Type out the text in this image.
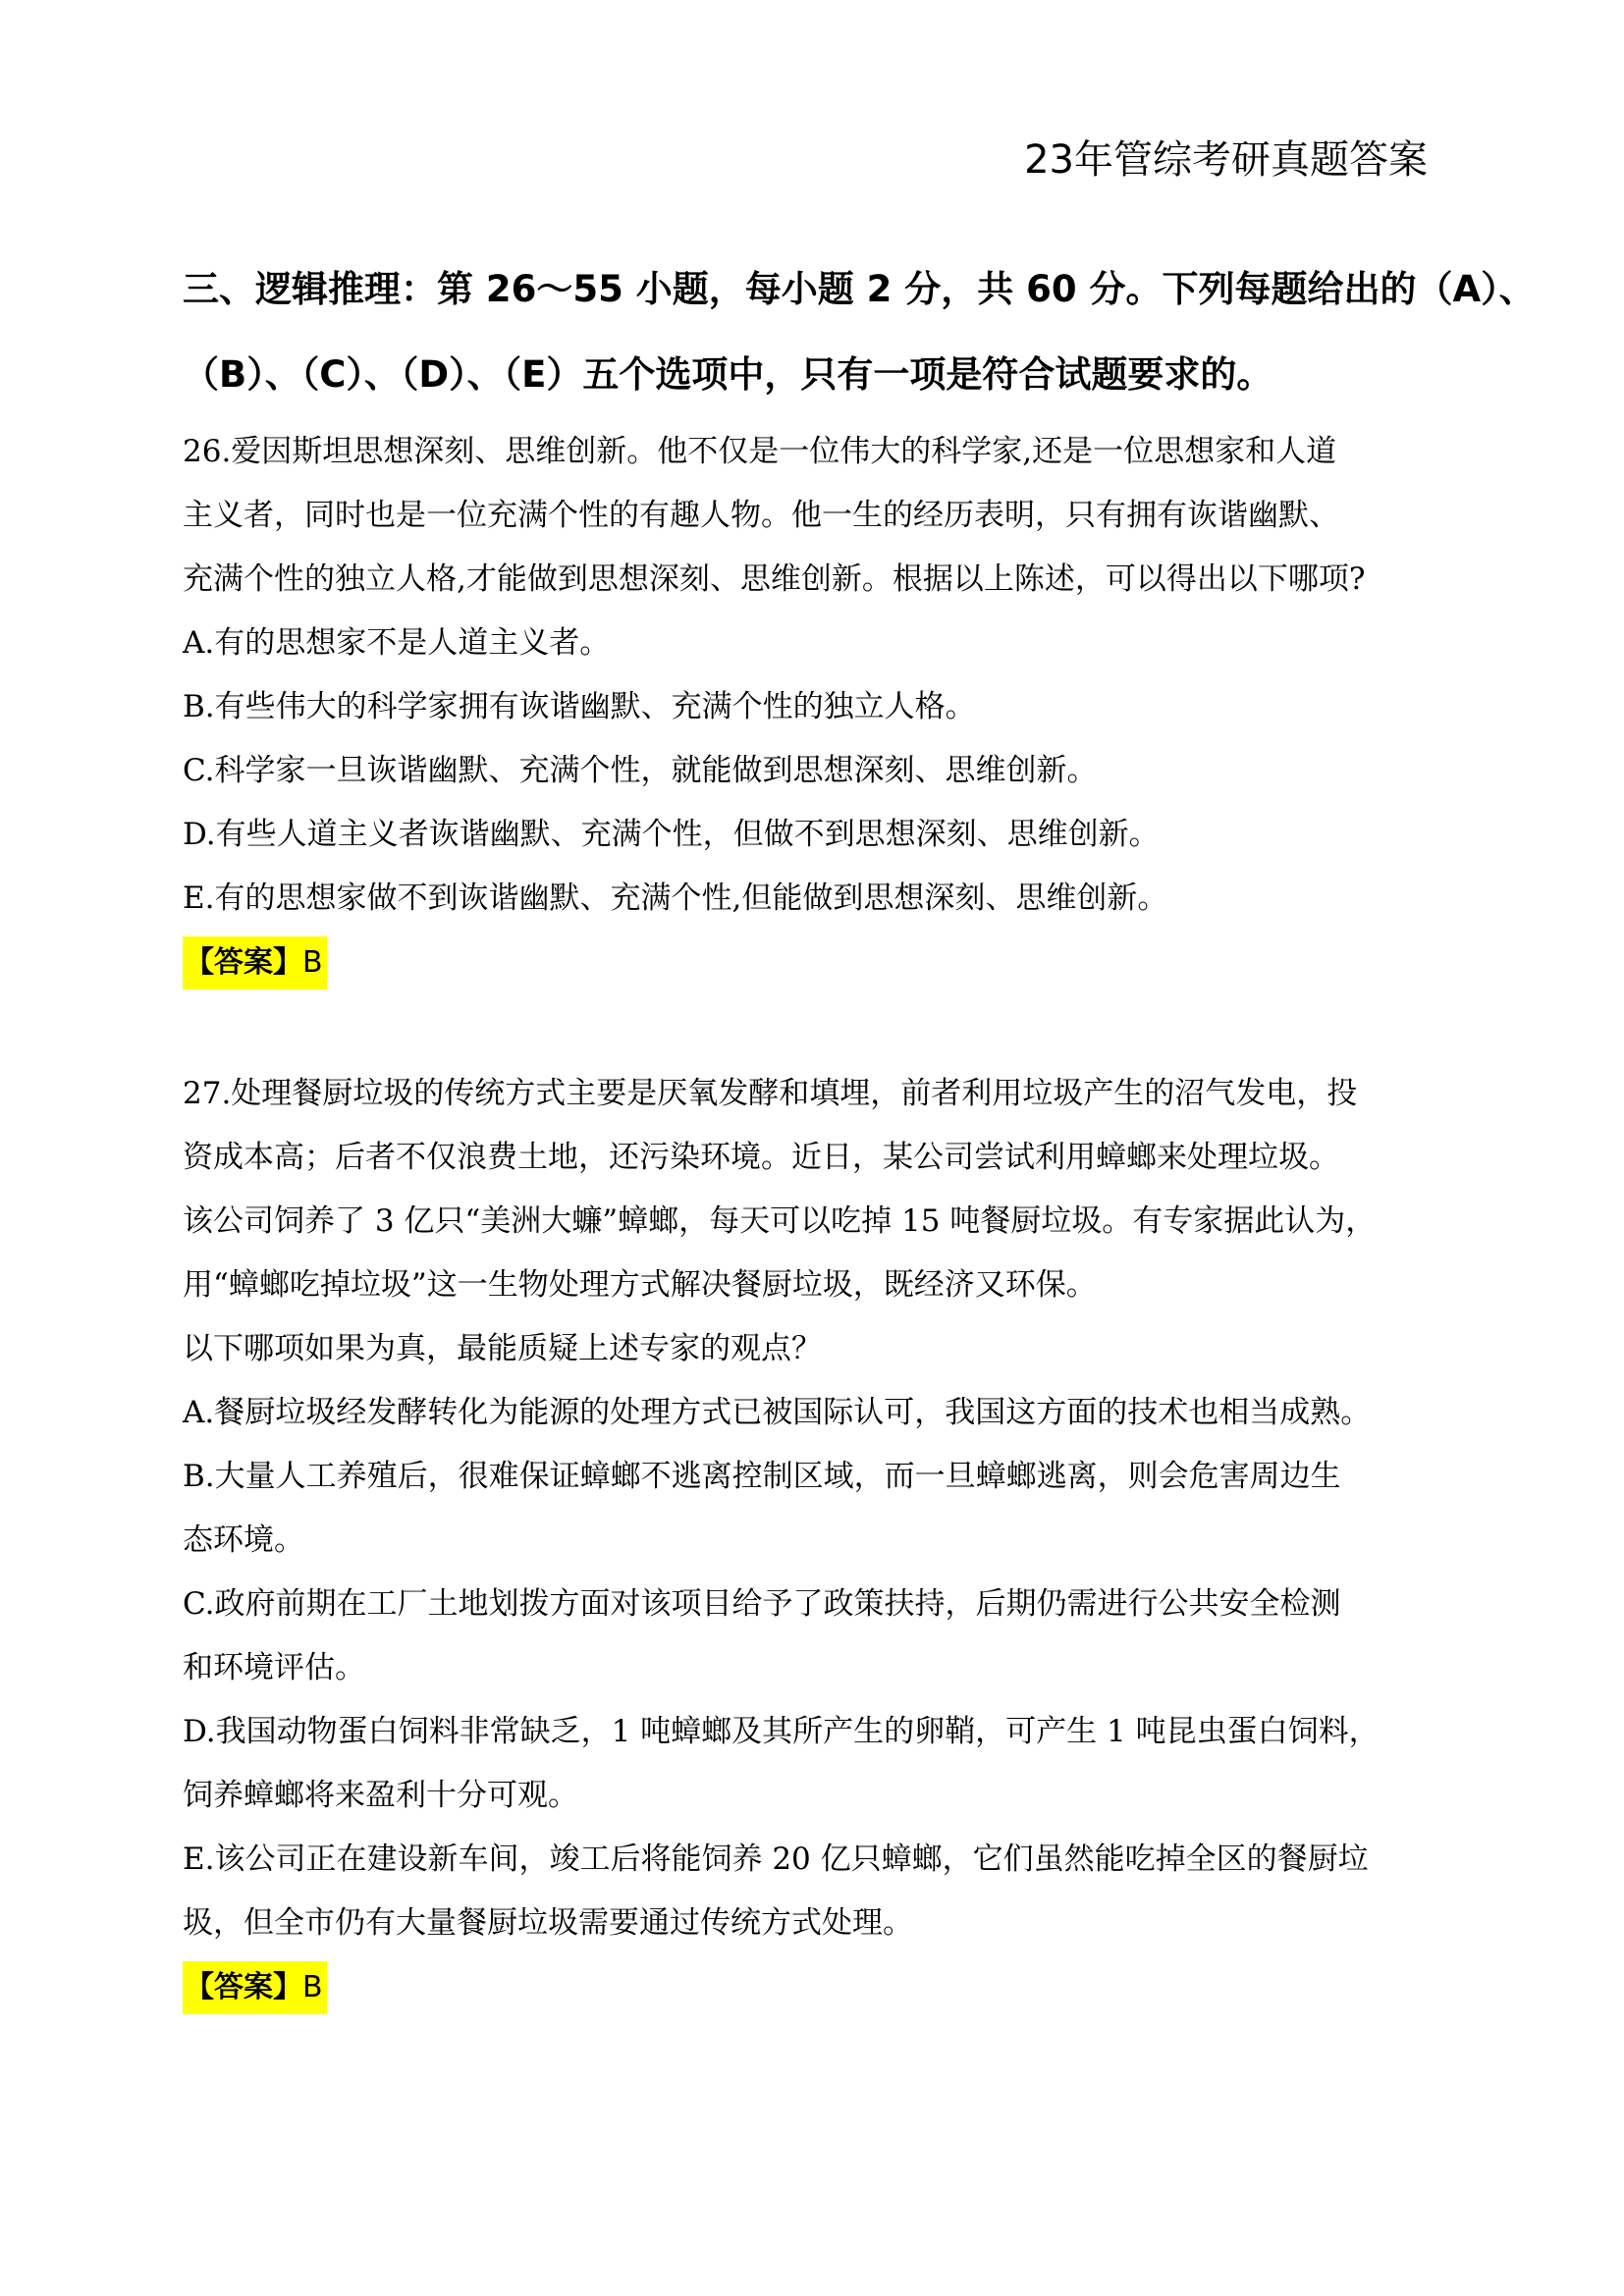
23年管综考研真题答案
三、逻辑推理：第 26～55 小题，每小题 2 分，共 60 分。下列每题给出的（A）、
（B）、（C）、（D）、（E）五个选项中，只有一项是符合试题要求的。
26.爱因斯坦思想深刻、思维创新。他不仅是一位伟大的科学家,还是一位思想家和人道
主义者，同时也是一位充满个性的有趣人物。他一生的经历表明，只有拥有诙谐幽默、
充满个性的独立人格,才能做到思想深刻、思维创新。根据以上陈述，可以得出以下哪项?
A.有的思想家不是人道主义者。
B.有些伟大的科学家拥有诙谐幽默、充满个性的独立人格。
C.科学家一旦诙谐幽默、充满个性，就能做到思想深刻、思维创新。
D.有些人道主义者诙谐幽默、充满个性，但做不到思想深刻、思维创新。
E.有的思想家做不到诙谐幽默、充满个性,但能做到思想深刻、思维创新。
【答案】B
27.处理餐厨垃圾的传统方式主要是厌氧发酵和填埋，前者利用垃圾产生的沼气发电，投
资成本高；后者不仅浪费土地，还污染环境。近日，某公司尝试利用蟑螂来处理垃圾。
该公司饲养了 3 亿只“美洲大蠊”蟑螂，每天可以吃掉 15 吨餐厨垃圾。有专家据此认为，
用“蟑螂吃掉垃圾”这一生物处理方式解决餐厨垃圾，既经济又环保。
以下哪项如果为真，最能质疑上述专家的观点？
A.餐厨垃圾经发酵转化为能源的处理方式已被国际认可，我国这方面的技术也相当成熟。
B.大量人工养殖后，很难保证蟑螂不逃离控制区域，而一旦蟑螂逃离，则会危害周边生
态环境。
C.政府前期在工厂土地划拨方面对该项目给予了政策扶持，后期仍需进行公共安全检测
和环境评估。
D.我国动物蛋白饲料非常缺乏，1 吨蟑螂及其所产生的卵鞘，可产生 1 吨昆虫蛋白饲料，
饲养蟑螂将来盈利十分可观。
E.该公司正在建设新车间，竣工后将能饲养 20 亿只蟑螂，它们虽然能吃掉全区的餐厨垃
圾，但全市仍有大量餐厨垃圾需要通过传统方式处理。
【答案】B
